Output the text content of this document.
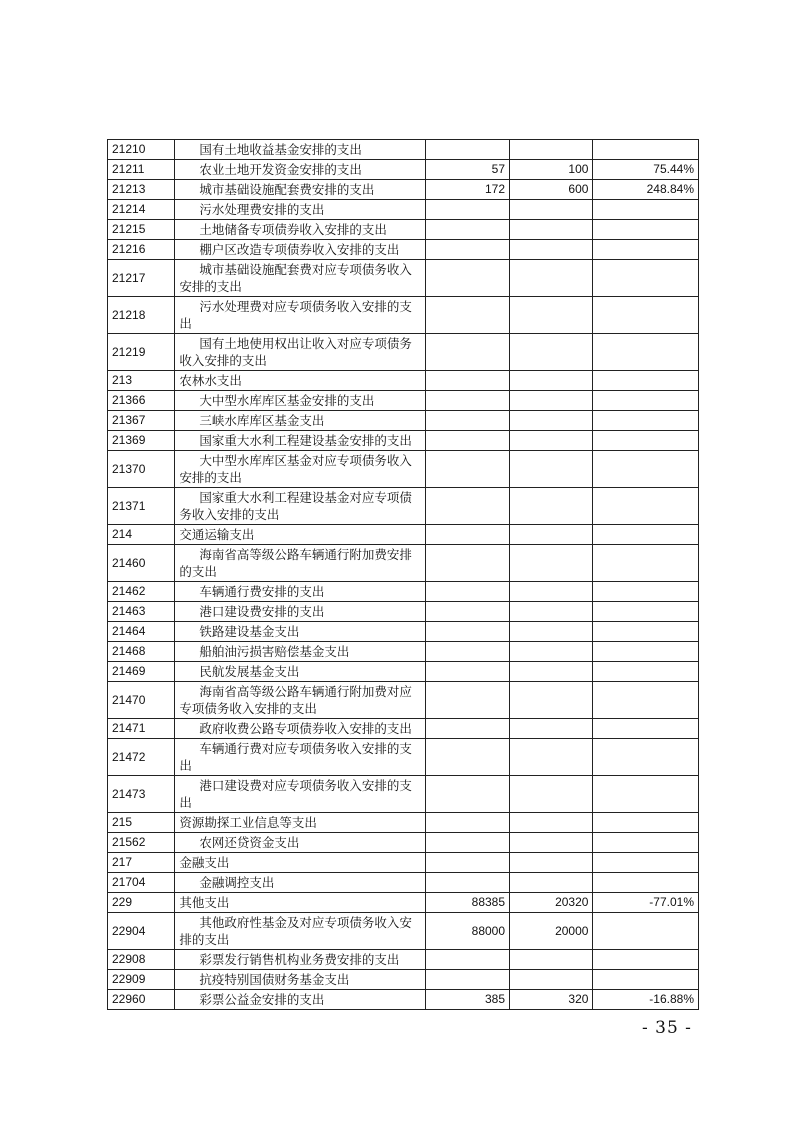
21210	国有土地收益基金安排的支出			
21211	农业土地开发资金安排的支出	57	100	75.44%
21213	城市基础设施配套费安排的支出	172	600	248.84%
21214	污水处理费安排的支出			
21215	土地储备专项债券收入安排的支出			
21216	棚户区改造专项债券收入安排的支出			
21217	城市基础设施配套费对应专项债务收入安排的支出			
21218	污水处理费对应专项债务收入安排的支出			
21219	国有土地使用权出让收入对应专项债务收入安排的支出			
213	农林水支出			
21366	大中型水库库区基金安排的支出			
21367	三峡水库库区基金支出			
21369	国家重大水利工程建设基金安排的支出			
21370	大中型水库库区基金对应专项债务收入安排的支出			
21371	国家重大水利工程建设基金对应专项债务收入安排的支出			
214	交通运输支出			
21460	海南省高等级公路车辆通行附加费安排的支出			
21462	车辆通行费安排的支出			
21463	港口建设费安排的支出			
21464	铁路建设基金支出			
21468	船舶油污损害赔偿基金支出			
21469	民航发展基金支出			
21470	海南省高等级公路车辆通行附加费对应专项债务收入安排的支出			
21471	政府收费公路专项债券收入安排的支出			
21472	车辆通行费对应专项债务收入安排的支出			
21473	港口建设费对应专项债务收入安排的支出			
215	资源勘探工业信息等支出			
21562	农网还贷资金支出			
217	金融支出			
21704	金融调控支出			
229	其他支出	88385	20320	-77.01%
22904	其他政府性基金及对应专项债务收入安排的支出	88000	20000	
22908	彩票发行销售机构业务费安排的支出			
22909	抗疫特别国债财务基金支出			
22960	彩票公益金安排的支出	385	320	-16.88%
- 35 -
